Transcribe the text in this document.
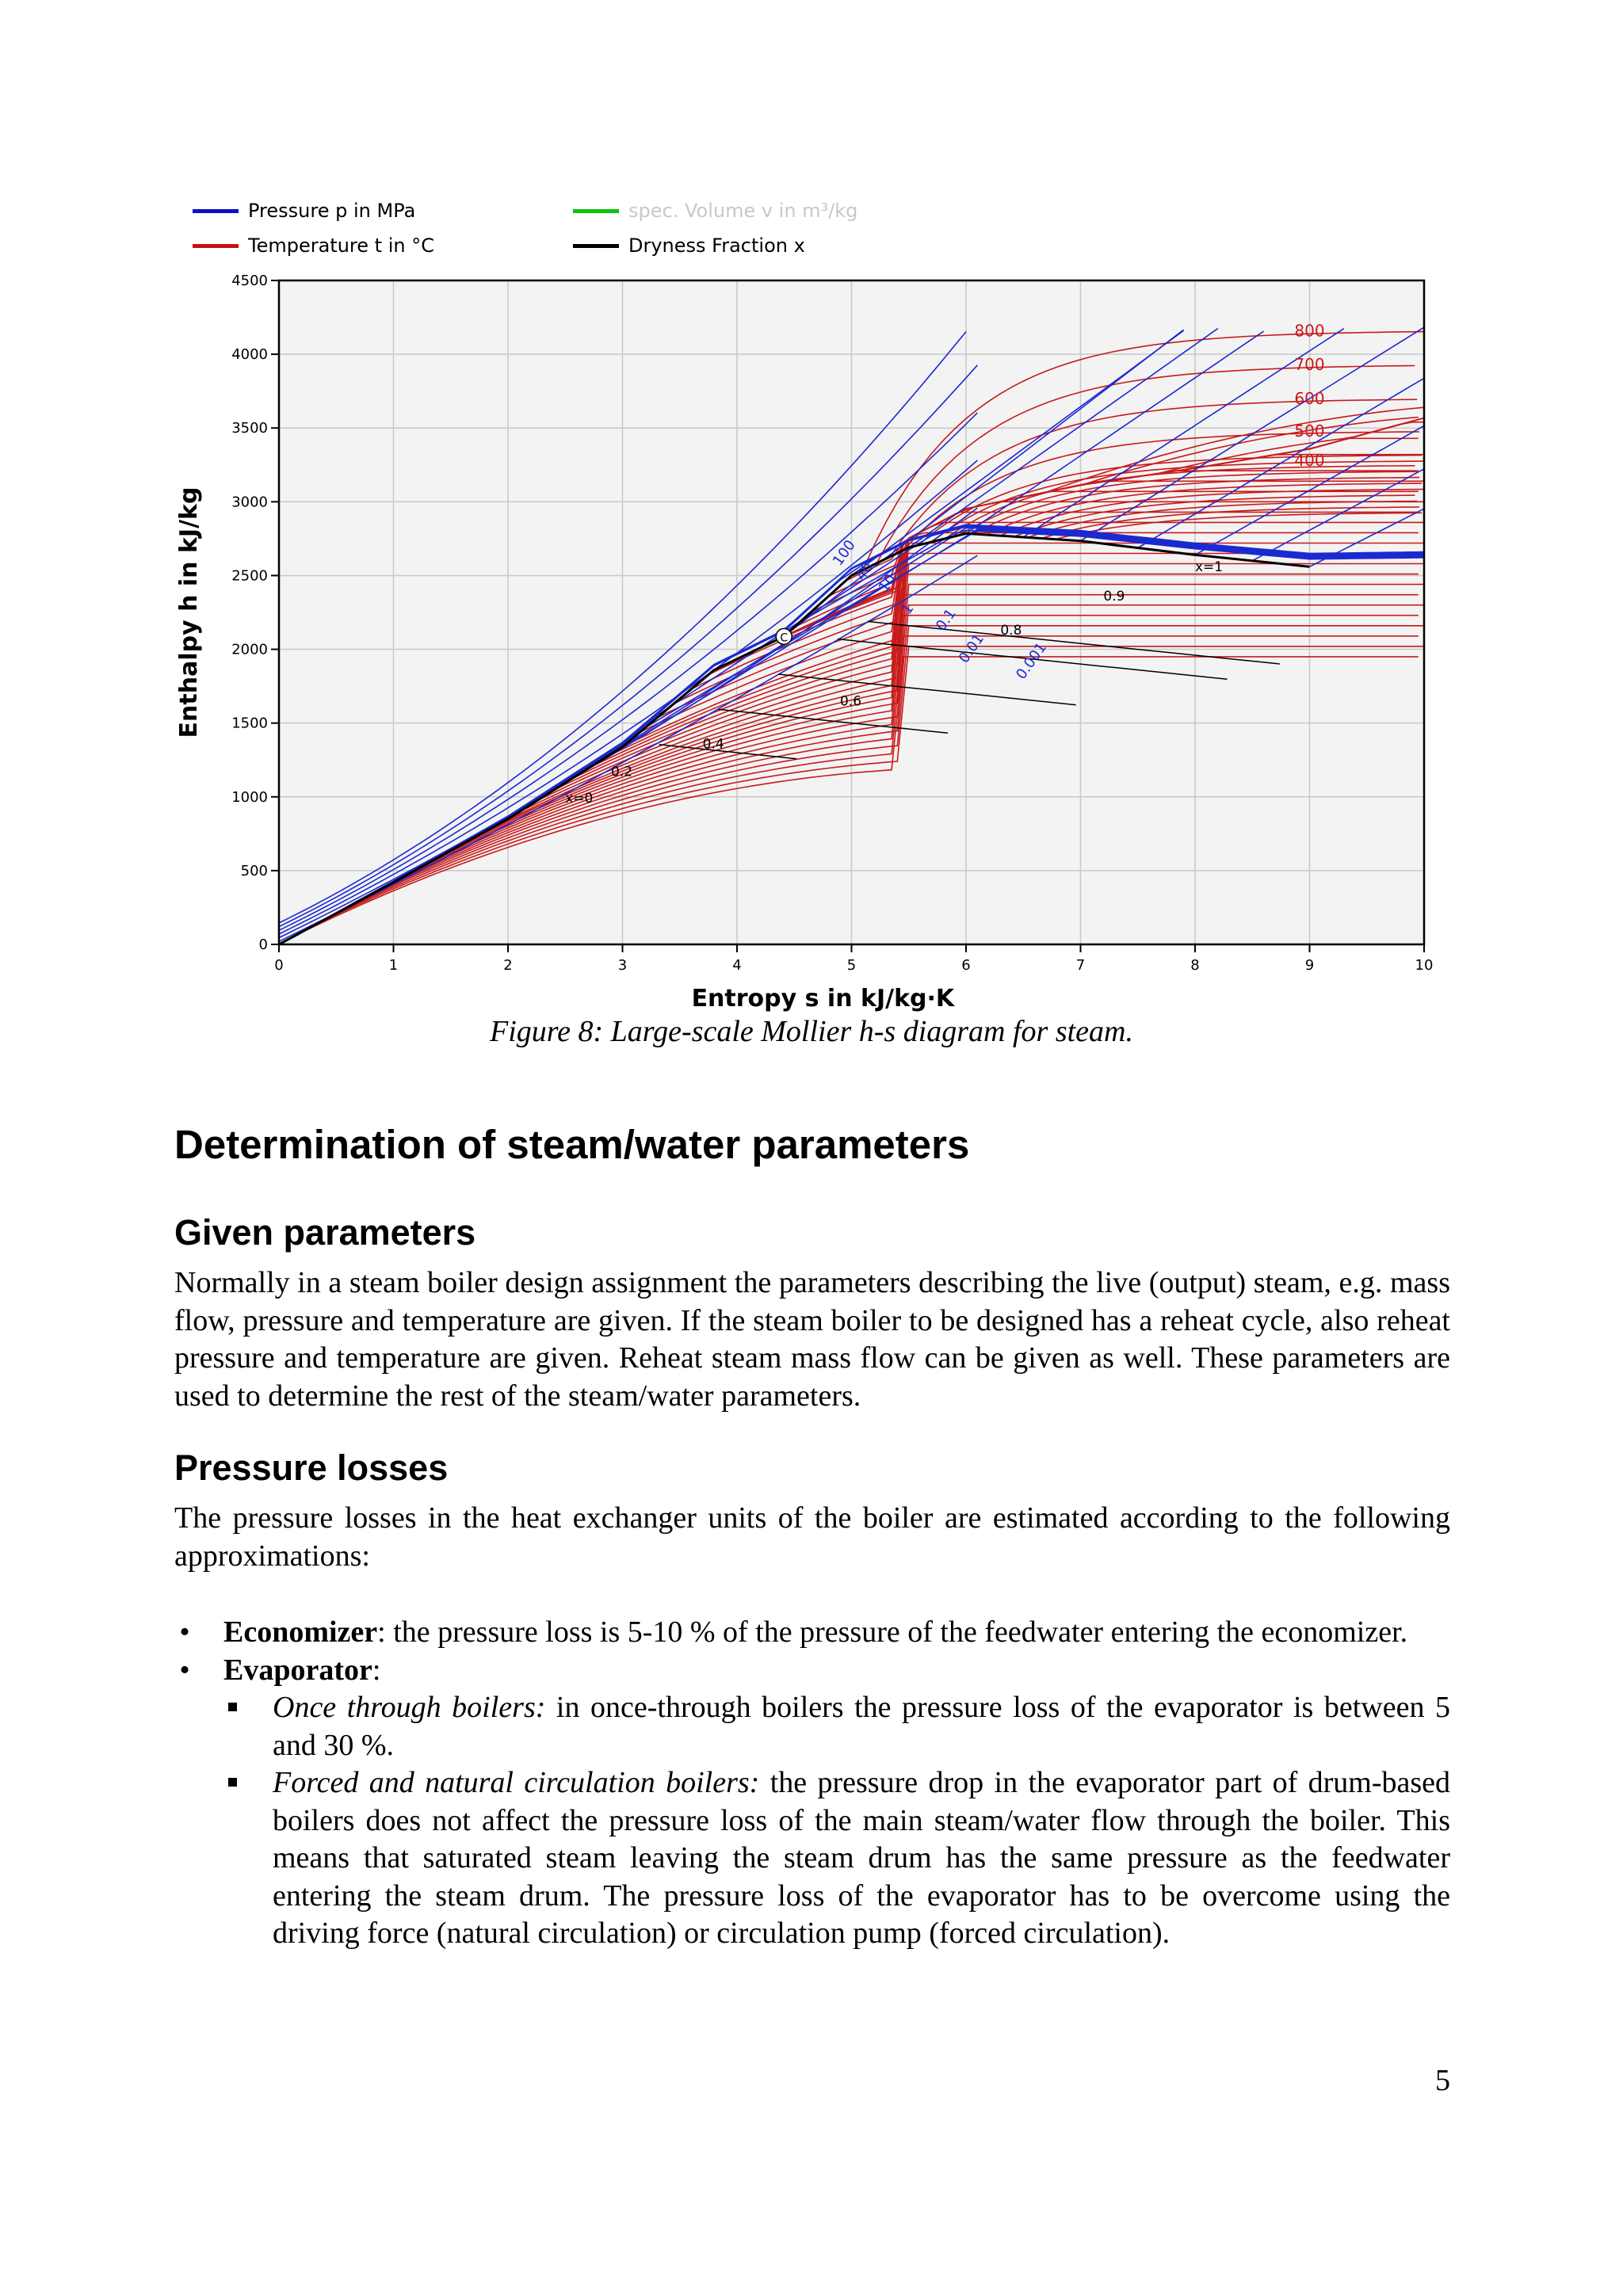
Pressure p in MPa
Temperature t in °C
spec. Volume v in m³/kg
Dryness Fraction x
0	1	2	3	4	5	6	7	8	9	10
0
500
1000
1500
2000
2500
3000
3500
4000
4500
Entropy s in kJ/kg·K
Enthalpy h in kJ/kg
800
700
600
500
400
C
100
40
10
1 0.1
0.01 0.001
x=1
0.9
0.8
0.6
0.4
0.2
x=0
Figure 8: Large-scale Mollier h-s diagram for steam.
Determination of steam/water parameters
Given parameters

Normally in a steam boiler design assignment the parameters describing the live (output) steam, e.g. mass flow, pressure and temperature are given. If the steam boiler to be designed has a reheat cycle, also reheat pressure and temperature are given. Reheat steam mass flow can be given as well. These parameters are used to determine the rest of the steam/water parameters.

Pressure losses

The pressure losses in the heat exchanger units of the boiler are estimated according to the following approximations:

• Economizer: the pressure loss is 5-10 % of the pressure of the feedwater entering the economizer.
• Evaporator:
Once through boilers: in once-through boilers the pressure loss of the evaporator is between 5 and 30 %.
Forced and natural circulation boilers: the pressure drop in the evaporator part of drum-based boilers does not affect the pressure loss of the main steam/water flow through the boiler. This means that saturated steam leaving the steam drum has the same pressure as the feedwater entering the steam drum. The pressure loss of the evaporator has to be overcome using the driving force (natural circulation) or circulation pump (forced circulation).
5
